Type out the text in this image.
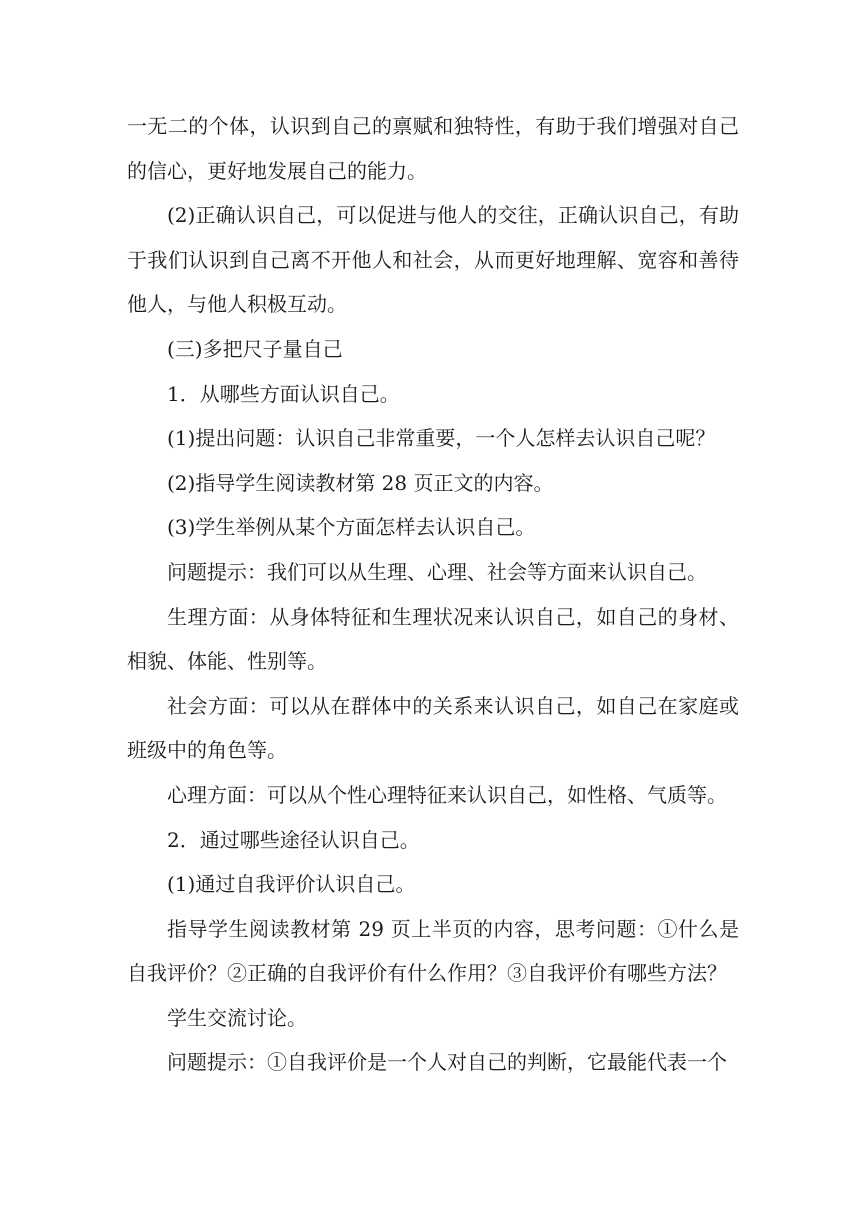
一无二的个体，认识到自己的禀赋和独特性，有助于我们增强对自己的信心，更好地发展自己的能力。

(2)正确认识自己，可以促进与他人的交往，正确认识自己，有助于我们认识到自己离不开他人和社会，从而更好地理解、宽容和善待他人，与他人积极互动。

(三)多把尺子量自己

1．从哪些方面认识自己。

(1)提出问题：认识自己非常重要，一个人怎样去认识自己呢？

(2)指导学生阅读教材第 28 页正文的内容。

(3)学生举例从某个方面怎样去认识自己。

问题提示：我们可以从生理、心理、社会等方面来认识自己。

生理方面：从身体特征和生理状况来认识自己，如自己的身材、相貌、体能、性别等。

社会方面：可以从在群体中的关系来认识自己，如自己在家庭或班级中的角色等。

心理方面：可以从个性心理特征来认识自己，如性格、气质等。

2．通过哪些途径认识自己。

(1)通过自我评价认识自己。

指导学生阅读教材第 29 页上半页的内容，思考问题：①什么是自我评价？②正确的自我评价有什么作用？③自我评价有哪些方法？

学生交流讨论。

问题提示：①自我评价是一个人对自己的判断，它最能代表一个
